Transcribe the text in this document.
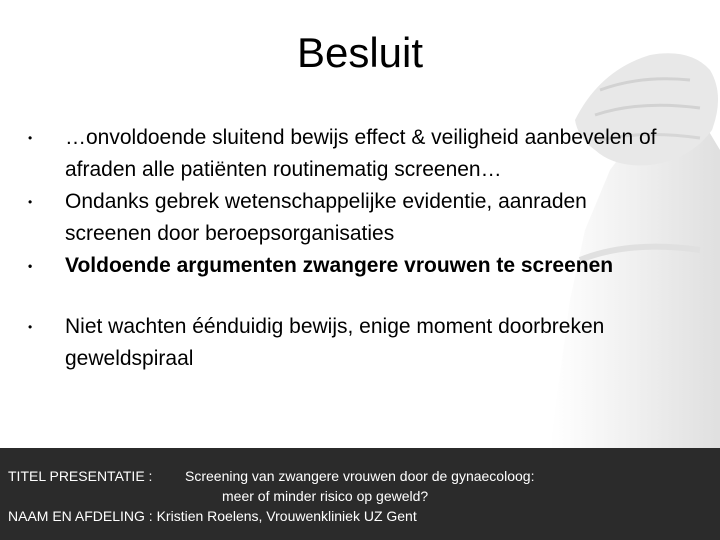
Besluit
• …onvoldoende sluitend bewijs effect & veiligheid aanbevelen of afraden alle patiënten routinematig screenen…
• Ondanks gebrek wetenschappelijke evidentie, aanraden screenen door beroepsorganisaties
• Voldoende argumenten zwangere vrouwen te screenen
• Niet wachten éénduidig bewijs, enige moment doorbreken geweldspiraal
TITEL PRESENTATIE : Screening van zwangere vrouwen door de gynaecoloog:
meer of minder risico op geweld?
NAAM EN AFDELING : Kristien Roelens, Vrouwenkliniek UZ Gent
